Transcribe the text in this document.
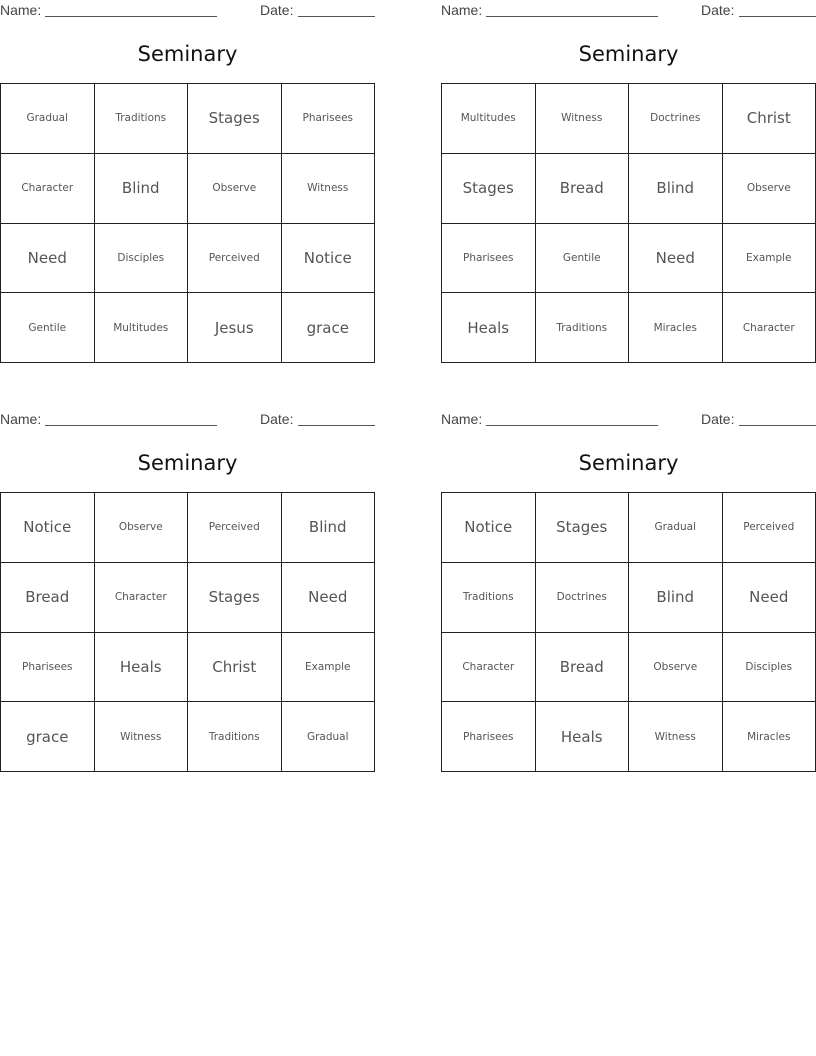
Name:	Date:
Seminary
Gradual	Traditions	Stages	Pharisees
Character	Blind	Observe	Witness
Need	Disciples	Perceived	Notice
Gentile	Multitudes	Jesus	grace
Name:	Date:
Seminary
Multitudes	Witness	Doctrines	Christ
Stages	Bread	Blind	Observe
Pharisees	Gentile	Need	Example
Heals	Traditions	Miracles	Character
Name:	Date:
Seminary
Notice	Observe	Perceived	Blind
Bread	Character	Stages	Need
Pharisees	Heals	Christ	Example
grace	Witness	Traditions	Gradual
Name:	Date:
Seminary
Notice	Stages	Gradual	Perceived
Traditions	Doctrines	Blind	Need
Character	Bread	Observe	Disciples
Pharisees	Heals	Witness	Miracles
